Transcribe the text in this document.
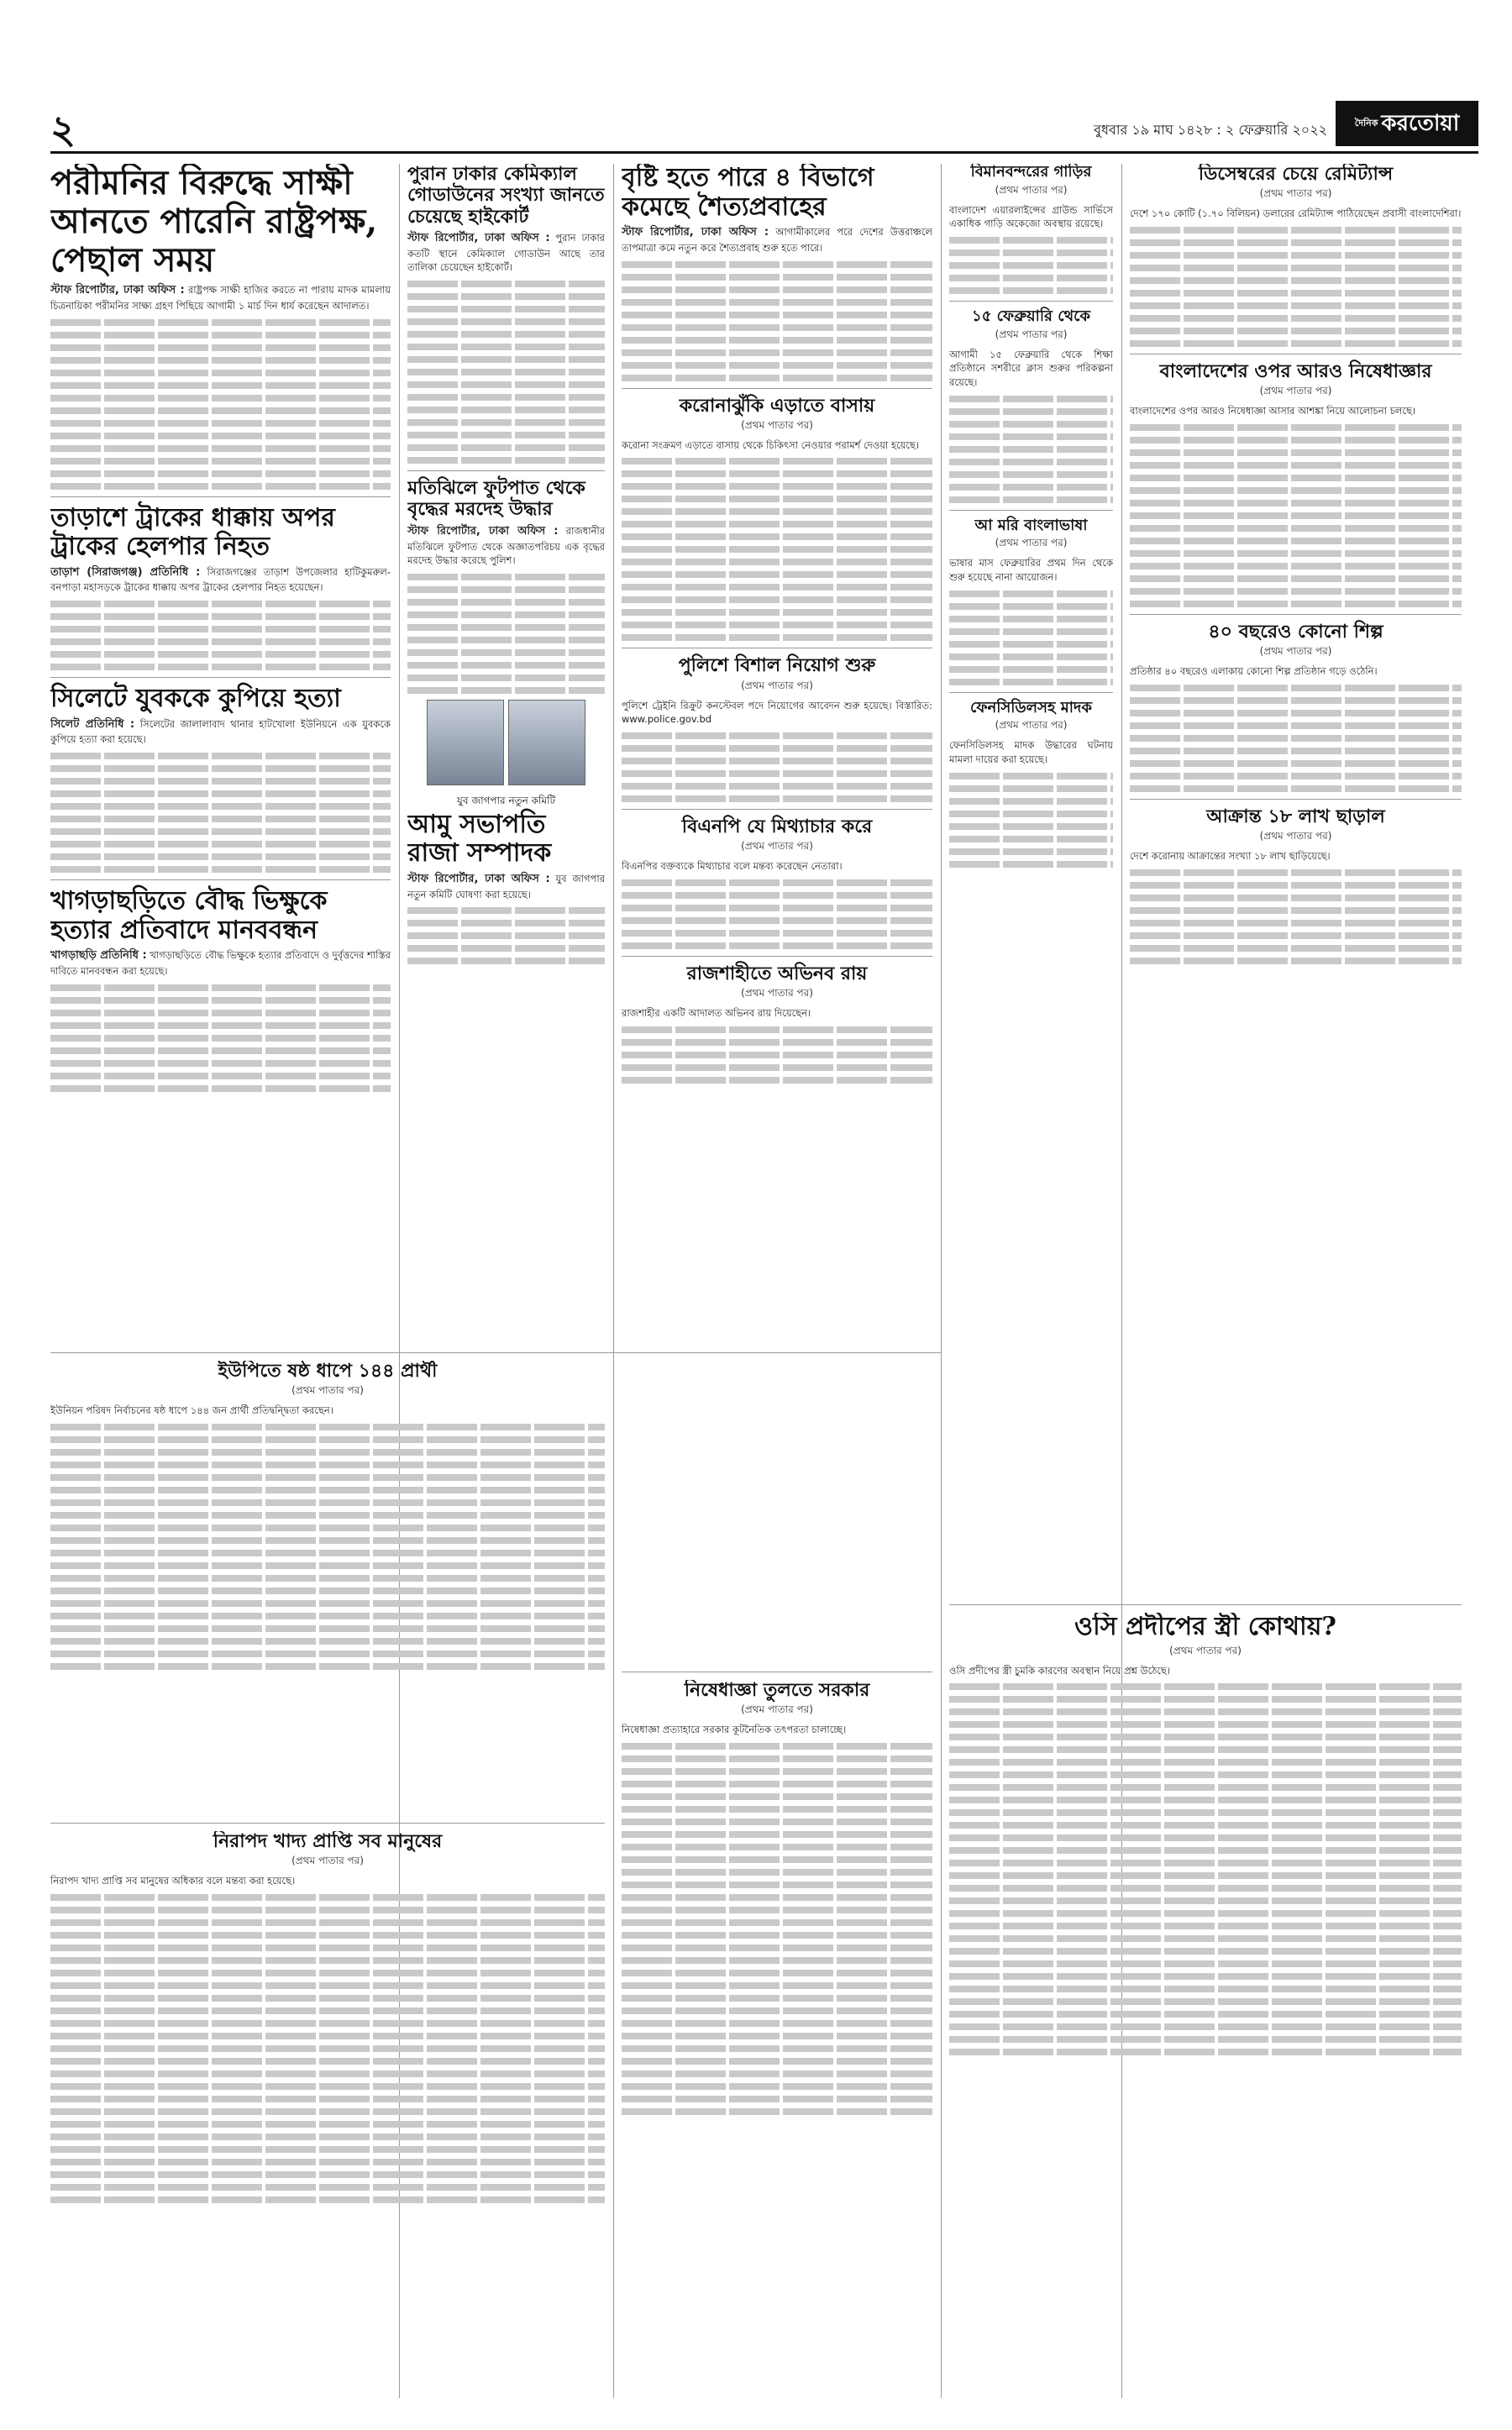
২	বুধবার ১৯ মাঘ ১৪২৮ : ২ ফেব্রুয়ারি ২০২২	$^{দৈনিক}$ করতোয়া
পরীমনির বিরুদ্ধে সাক্ষী আনতে পারেনি রাষ্ট্রপক্ষ, পেছাল সময়

স্টাফ রিপোর্টার, ঢাকা অফিস : রাষ্ট্রপক্ষ সাক্ষী হাজির করতে না পারায় মাদক মামলায় চিত্রনায়িকা পরীমনির সাক্ষ্য গ্রহণ পিছিয়ে আগামী ১ মার্চ দিন ধার্য করেছেন আদালত।

তাড়াশে ট্রাকের ধাক্কায় অপর ট্রাকের হেলপার নিহত

তাড়াশ (সিরাজগঞ্জ) প্রতিনিধি : সিরাজগঞ্জের তাড়াশ উপজেলার হাটিকুমরুল-বনপাড়া মহাসড়কে ট্রাকের ধাক্কায় অপর ট্রাকের হেলপার নিহত হয়েছেন।

সিলেটে যুবককে কুপিয়ে হত্যা

সিলেট প্রতিনিধি : সিলেটের জালালাবাদ থানার হাটখোলা ইউনিয়নে এক যুবককে কুপিয়ে হত্যা করা হয়েছে।

খাগড়াছড়িতে বৌদ্ধ ভিক্ষুকে হত্যার প্রতিবাদে মানববন্ধন

খাগড়াছড়ি প্রতিনিধি : খাগড়াছড়িতে বৌদ্ধ ভিক্ষুকে হত্যার প্রতিবাদে ও দুর্বৃত্তদের শাস্তির দাবিতে মানববন্ধন করা হয়েছে।

পুরান ঢাকার কেমিক্যাল গোডাউনের সংখ্যা জানতে চেয়েছে হাইকোর্ট

স্টাফ রিপোর্টার, ঢাকা অফিস : পুরান ঢাকার কতটি স্থানে কেমিক্যাল গোডাউন আছে তার তালিকা চেয়েছেন হাইকোর্ট।

মতিঝিলে ফুটপাত থেকে বৃদ্ধের মরদেহ উদ্ধার

স্টাফ রিপোর্টার, ঢাকা অফিস : রাজধানীর মতিঝিলে ফুটপাত থেকে অজ্ঞাতপরিচয় এক বৃদ্ধের মরদেহ উদ্ধার করেছে পুলিশ।

যুব জাগপার নতুন কমিটি
আমু সভাপতি রাজা সম্পাদক

স্টাফ রিপোর্টার, ঢাকা অফিস : যুব জাগপার নতুন কমিটি ঘোষণা করা হয়েছে।

বৃষ্টি হতে পারে ৪ বিভাগে কমেছে শৈত্যপ্রবাহের

স্টাফ রিপোর্টার, ঢাকা অফিস : আগামীকালের পরে দেশের উত্তরাঞ্চলে তাপমাত্রা কমে নতুন করে শৈত্যপ্রবাহ শুরু হতে পারে।

করোনাঝুঁকি এড়াতে বাসায়
(প্রথম পাতার পর)

করোনা সংক্রমণ এড়াতে বাসায় থেকে চিকিৎসা নেওয়ার পরামর্শ দেওয়া হয়েছে।

পুলিশে বিশাল নিয়োগ শুরু
(প্রথম পাতার পর)

পুলিশে ট্রেইনি রিক্রুট কনস্টেবল পদে নিয়োগের আবেদন শুরু হয়েছে। বিস্তারিত: www.police.gov.bd

বিএনপি যে মিথ্যাচার করে
(প্রথম পাতার পর)

বিএনপির বক্তব্যকে মিথ্যাচার বলে মন্তব্য করেছেন নেতারা।

রাজশাহীতে অভিনব রায়
(প্রথম পাতার পর)

রাজশাহীর একটি আদালত অভিনব রায় দিয়েছেন।

বিমানবন্দরের গাড়ির
(প্রথম পাতার পর)

বাংলাদেশ এয়ারলাইন্সের গ্রাউন্ড সার্ভিসে একাধিক গাড়ি অকেজো অবস্থায় রয়েছে।

১৫ ফেব্রুয়ারি থেকে
(প্রথম পাতার পর)

আগামী ১৫ ফেব্রুয়ারি থেকে শিক্ষা প্রতিষ্ঠানে সশরীরে ক্লাস শুরুর পরিকল্পনা রয়েছে।

আ মরি বাংলাভাষা
(প্রথম পাতার পর)

ভাষার মাস ফেব্রুয়ারির প্রথম দিন থেকে শুরু হয়েছে নানা আয়োজন।

ফেনসিডিলসহ মাদক
(প্রথম পাতার পর)

ফেনসিডিলসহ মাদক উদ্ধারের ঘটনায় মামলা দায়ের করা হয়েছে।

ডিসেম্বরের চেয়ে রেমিট্যান্স
(প্রথম পাতার পর)

দেশে ১৭০ কোটি (১.৭০ বিলিয়ন) ডলারের রেমিট্যান্স পাঠিয়েছেন প্রবাসী বাংলাদেশিরা।

বাংলাদেশের ওপর আরও নিষেধাজ্ঞার
(প্রথম পাতার পর)

বাংলাদেশের ওপর আরও নিষেধাজ্ঞা আসার আশঙ্কা নিয়ে আলোচনা চলছে।

৪০ বছরেও কোনো শিল্প
(প্রথম পাতার পর)

প্রতিষ্ঠার ৪০ বছরেও এলাকায় কোনো শিল্প প্রতিষ্ঠান গড়ে ওঠেনি।

আক্রান্ত ১৮ লাখ ছাড়াল
(প্রথম পাতার পর)

দেশে করোনায় আক্রান্তের সংখ্যা ১৮ লাখ ছাড়িয়েছে।

ইউপিতে ষষ্ঠ ধাপে ১৪৪ প্রার্থী
(প্রথম পাতার পর)

ইউনিয়ন পরিষদ নির্বাচনের ষষ্ঠ ধাপে ১৪৪ জন প্রার্থী প্রতিদ্বন্দ্বিতা করছেন।

নিরাপদ খাদ্য প্রাপ্তি সব মানুষের
(প্রথম পাতার পর)

নিরাপদ খাদ্য প্রাপ্তি সব মানুষের অধিকার বলে মন্তব্য করা হয়েছে।

নিষেধাজ্ঞা তুলতে সরকার
(প্রথম পাতার পর)

নিষেধাজ্ঞা প্রত্যাহারে সরকার কূটনৈতিক তৎপরতা চালাচ্ছে।

ওসি প্রদীপের স্ত্রী কোথায়?
(প্রথম পাতার পর)

ওসি প্রদীপের স্ত্রী চুমকি কারণের অবস্থান নিয়ে প্রশ্ন উঠেছে।
